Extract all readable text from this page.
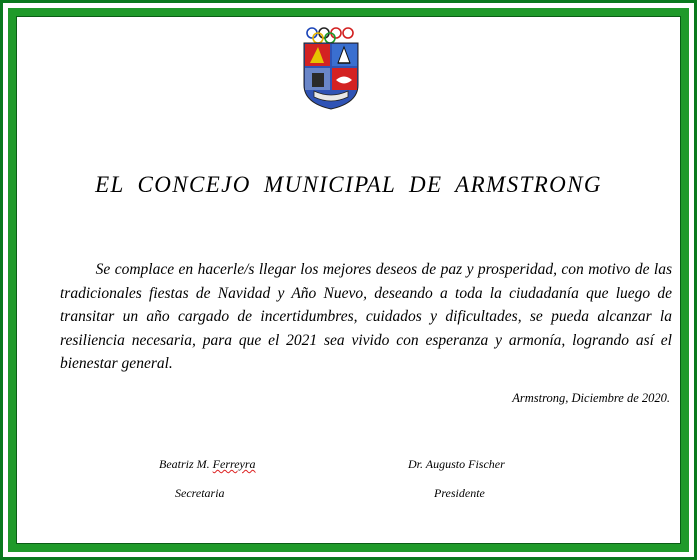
EL CONCEJO MUNICIPAL DE ARMSTRONG
Se complace en hacerle/s llegar los mejores deseos de paz y prosperidad, con motivo de las tradicionales fiestas de Navidad y Año Nuevo, deseando a toda la ciudadanía que luego de transitar un año cargado de incertidumbres, cuidados y dificultades, se pueda alcanzar la resiliencia necesaria, para que el 2021 sea vivido con esperanza y armonía, logrando así el bienestar general.
Armstrong, Diciembre de 2020.
Beatriz M. Ferreyra
Secretaria
Dr. Augusto Fischer
Presidente
